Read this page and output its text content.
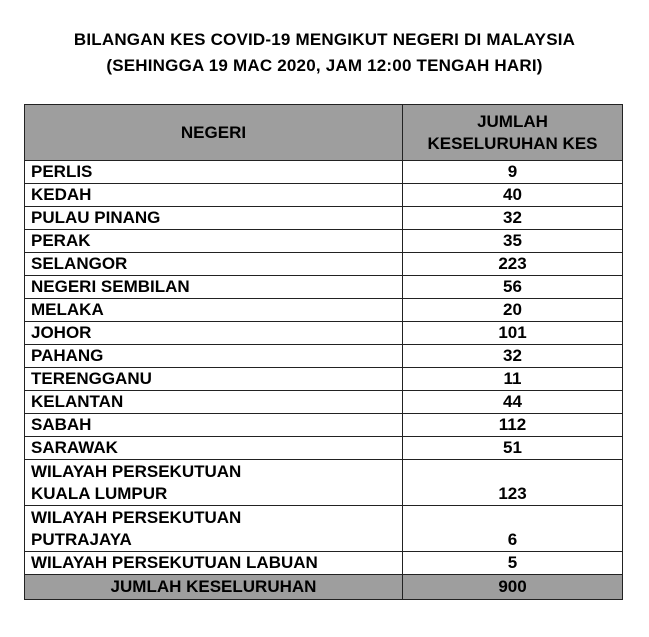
BILANGAN KES COVID-19 MENGIKUT NEGERI DI MALAYSIA
(SEHINGGA 19 MAC 2020, JAM 12:00 TENGAH HARI)
NEGERI	JUMLAH
KESELURUHAN KES

PERLIS	9

KEDAH	40

PULAU PINANG	32

PERAK	35

SELANGOR	223

NEGERI SEMBILAN	56

MELAKA	20

JOHOR	101

PAHANG	32

TERENGGANU	11

KELANTAN	44

SABAH	112

SARAWAK	51

WILAYAH PERSEKUTUAN
KUALA LUMPUR	123

WILAYAH PERSEKUTUAN
PUTRAJAYA	6

WILAYAH PERSEKUTUAN LABUAN	5
JUMLAH KESELURUHAN	900
